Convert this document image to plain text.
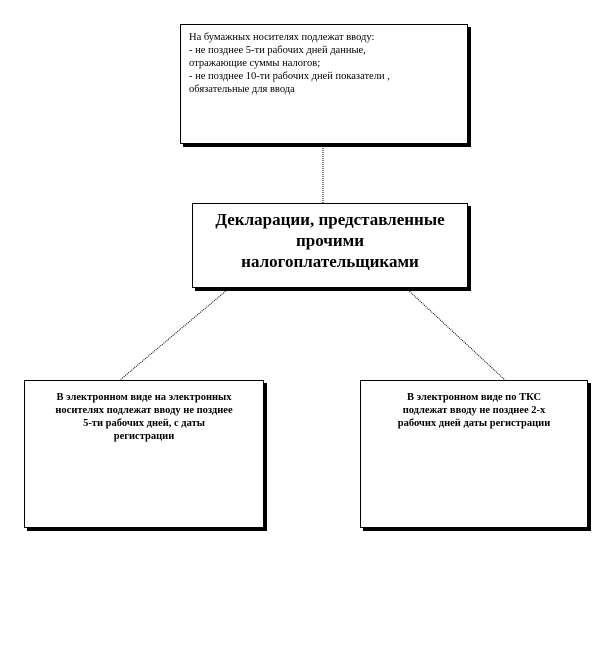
На бумажных носителях подлежат вводу:
- не позднее 5-ти рабочих дней данные,
отражающие суммы налогов;
- не позднее 10-ти рабочих дней показатели ,
обязательные для ввода
Декларации, представленные
прочими
налогоплательщиками
В электронном виде на электронных
носителях подлежат вводу не позднее
5-ти рабочих дней, с даты
регистрации
В электронном виде по ТКС
подлежат вводу не позднее 2-х
рабочих дней даты регистрации
